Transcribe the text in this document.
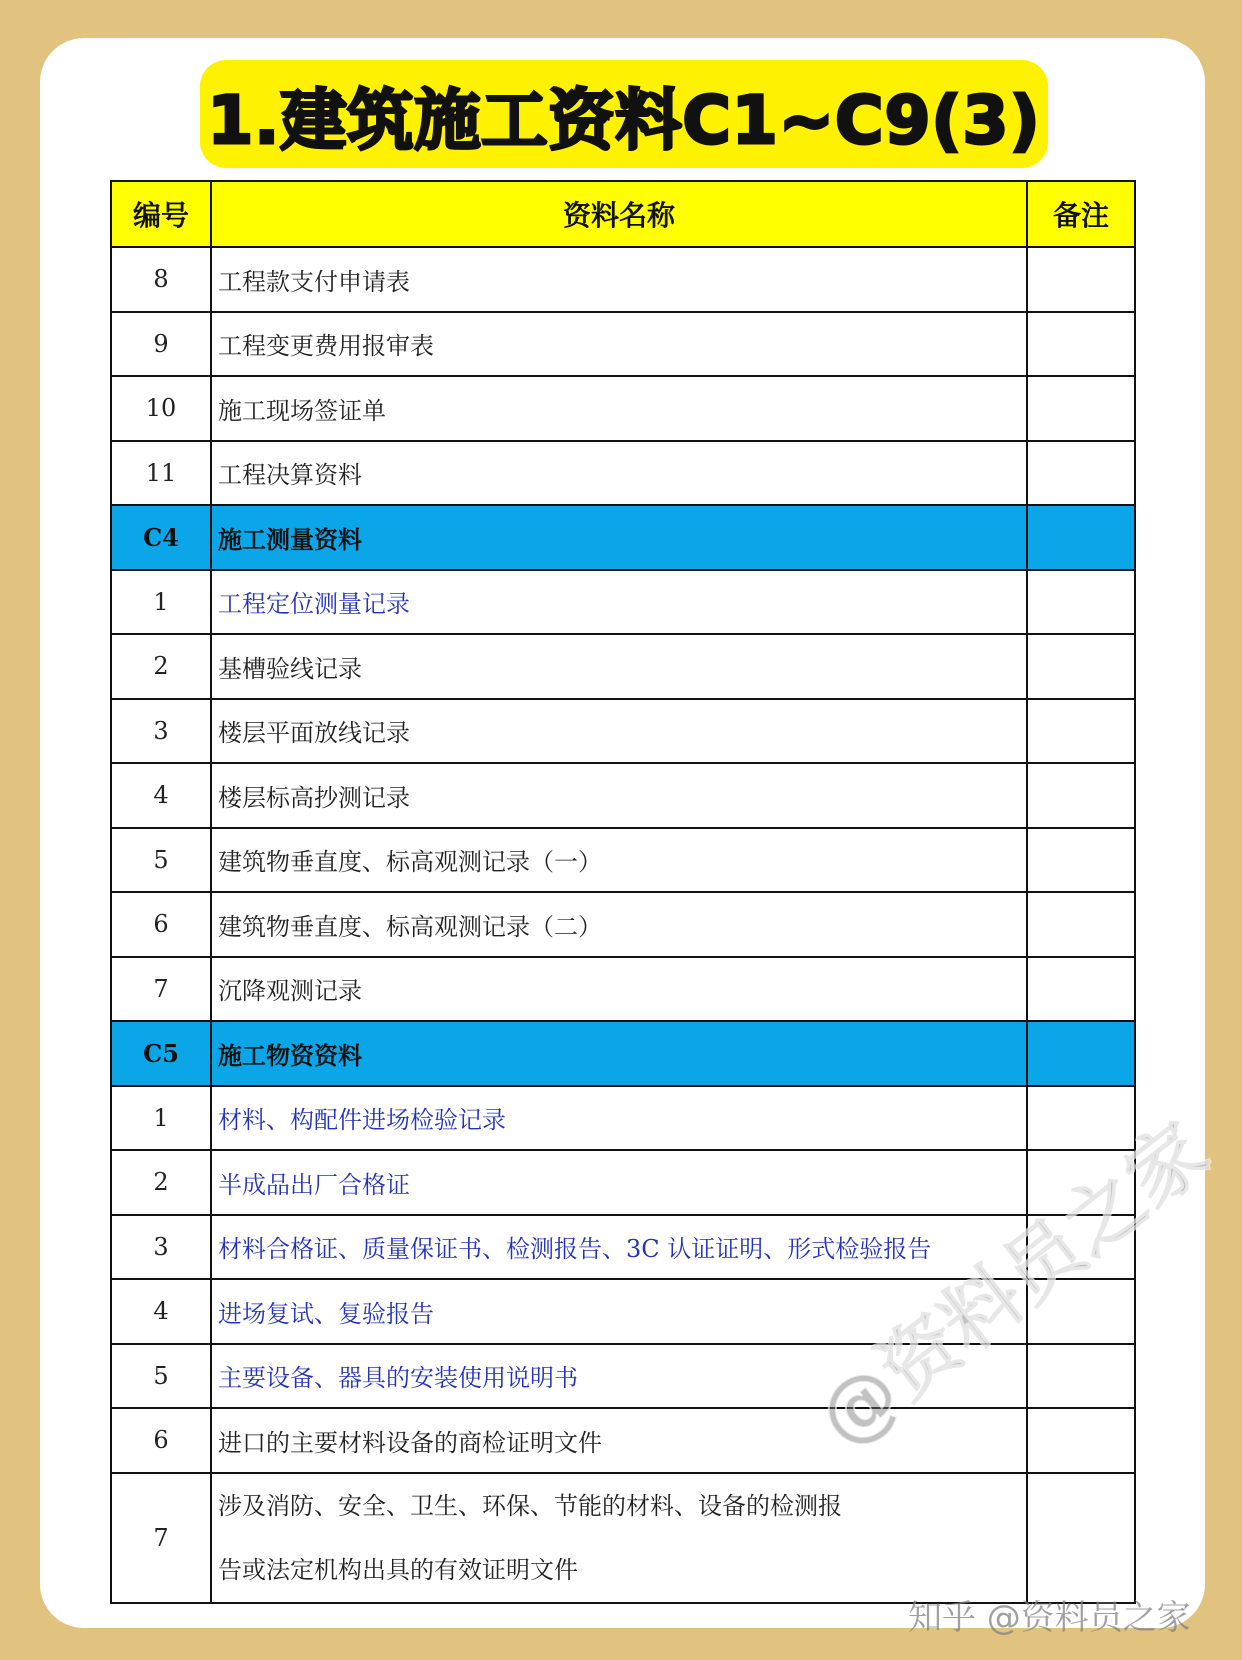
1.建筑施工资料C1~C9(3)
编号	资料名称	备注
8	工程款支付申请表	
9	工程变更费用报审表	
10	施工现场签证单	
11	工程决算资料	
C4	施工测量资料	
1	工程定位测量记录	
2	基槽验线记录	
3	楼层平面放线记录	
4	楼层标高抄测记录	
5	建筑物垂直度、标高观测记录（一）	
6	建筑物垂直度、标高观测记录（二）	
7	沉降观测记录	
C5	施工物资资料	
1	材料、构配件进场检验记录	
2	半成品出厂合格证	
3	材料合格证、质量保证书、检测报告、3C 认证证明、形式检验报告	
4	进场复试、复验报告	
5	主要设备、器具的安装使用说明书	
6	进口的主要材料设备的商检证明文件	
7	涉及消防、安全、卫生、环保、节能的材料、设备的检测报
告或法定机构出具的有效证明文件	

@资料员之家
知乎 @资料员之家
